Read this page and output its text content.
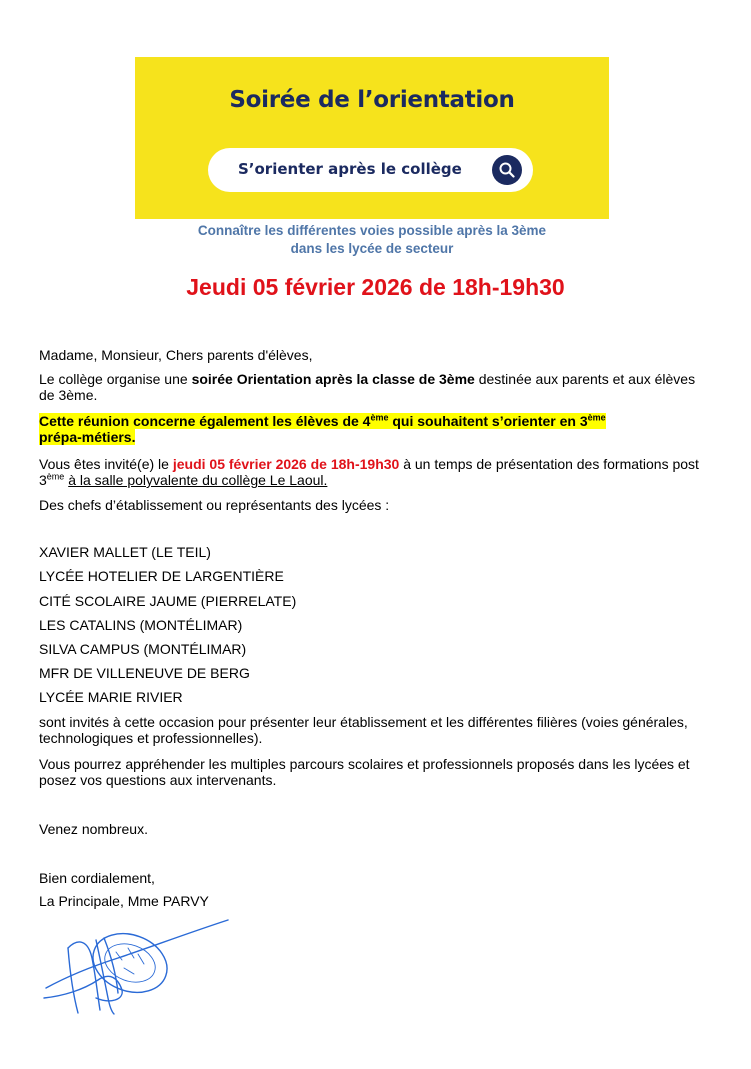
Soirée de l’orientation
S’orienter après le collège
Connaître les différentes voies possible après la 3ème
dans les lycée de secteur
Jeudi 05 février 2026 de 18h-19h30
Madame, Monsieur, Chers parents d'élèves,
Le collège organise une soirée Orientation après la classe de 3ème destinée aux parents et aux élèves de 3ème.
Cette réunion concerne également les élèves de 4ème qui souhaitent s’orienter en 3ème
prépa-métiers.
Vous êtes invité(e) le jeudi 05 février 2026 de 18h-19h30 à un temps de présentation des formations post 3ème à la salle polyvalente du collège Le Laoul.
Des chefs d’établissement ou représentants des lycées :
XAVIER MALLET (LE TEIL)
LYCÉE HOTELIER DE LARGENTIÈRE
CITÉ SCOLAIRE JAUME (PIERRELATE)
LES CATALINS (MONTÉLIMAR)
SILVA CAMPUS (MONTÉLIMAR)
MFR DE VILLENEUVE DE BERG
LYCÉE MARIE RIVIER
sont invités à cette occasion pour présenter leur établissement et les différentes filières (voies générales, technologiques et professionnelles).
Vous pourrez appréhender les multiples parcours scolaires et professionnels proposés dans les lycées et posez vos questions aux intervenants.
Venez nombreux.
Bien cordialement,
La Principale, Mme PARVY
